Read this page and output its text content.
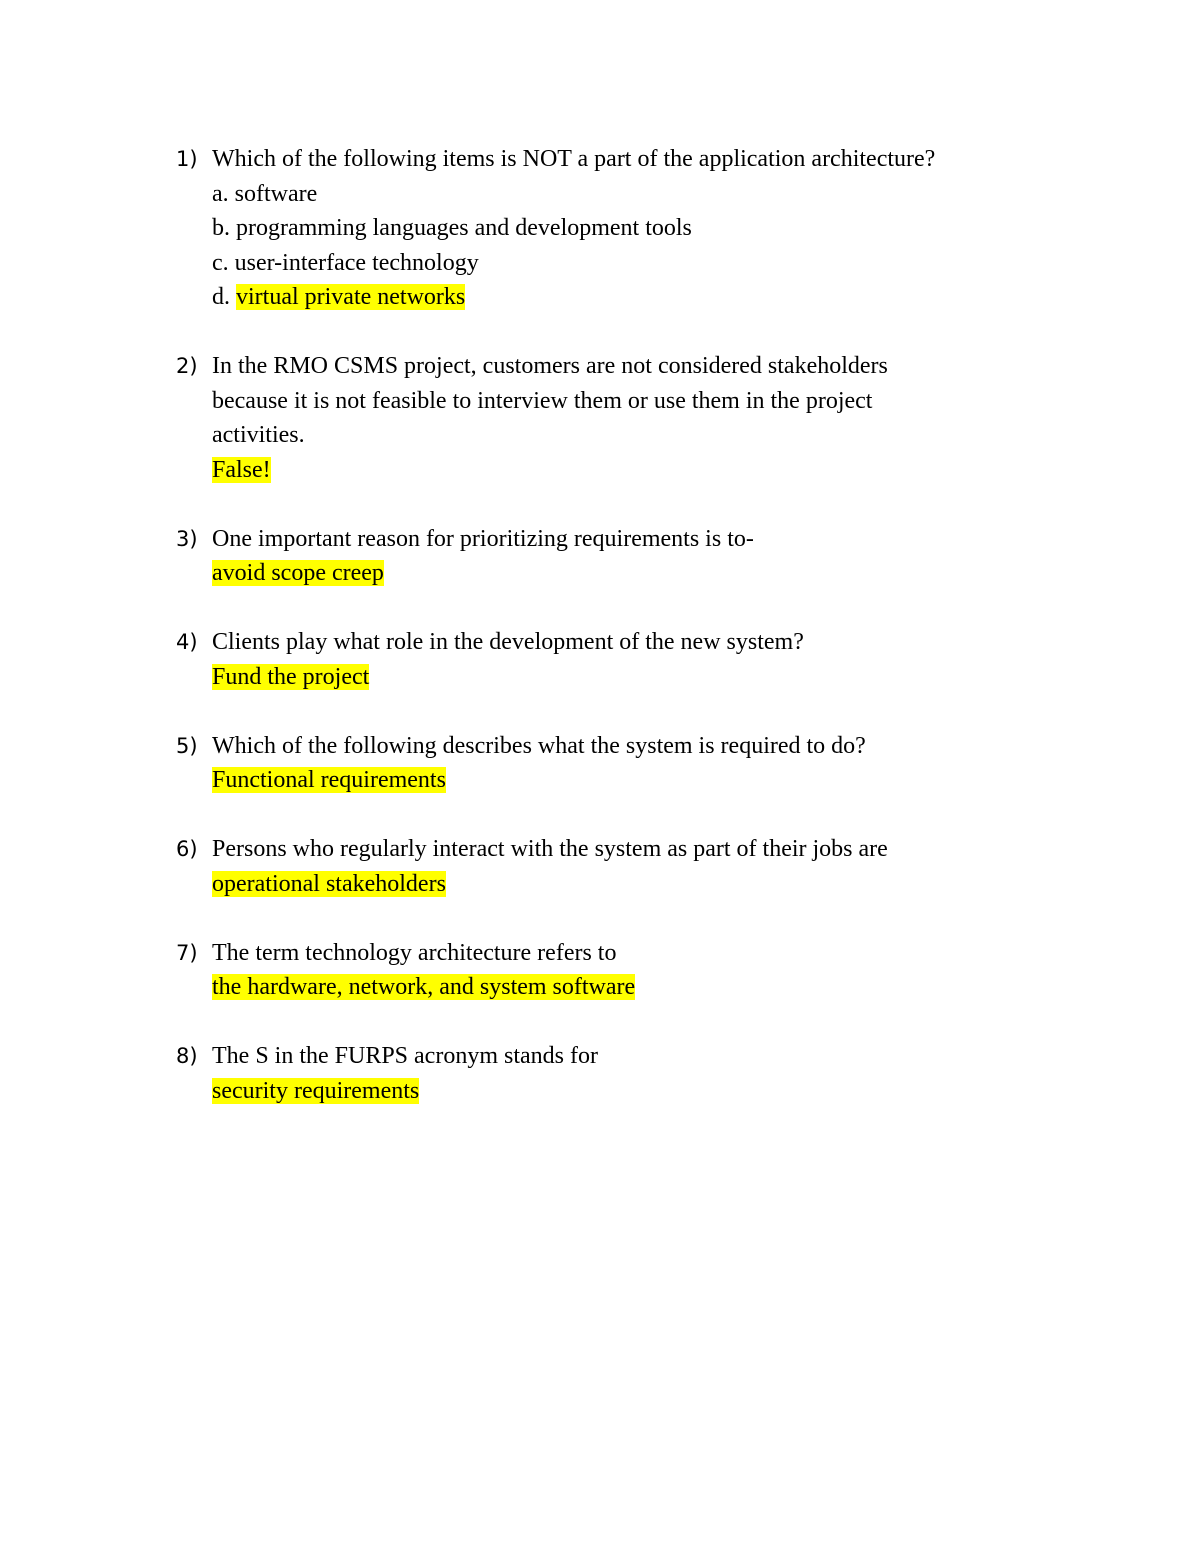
1) Which of the following items is NOT a part of the application architecture?
a. software
b. programming languages and development tools
c. user-interface technology
d. virtual private networks
2) In the RMO CSMS project, customers are not considered stakeholders
because it is not feasible to interview them or use them in the project
activities.
False!
3) One important reason for prioritizing requirements is to-
avoid scope creep
4) Clients play what role in the development of the new system?
Fund the project
5) Which of the following describes what the system is required to do?
Functional requirements
6) Persons who regularly interact with the system as part of their jobs are
operational stakeholders
7) The term technology architecture refers to
the hardware, network, and system software
8) The S in the FURPS acronym stands for
security requirements
